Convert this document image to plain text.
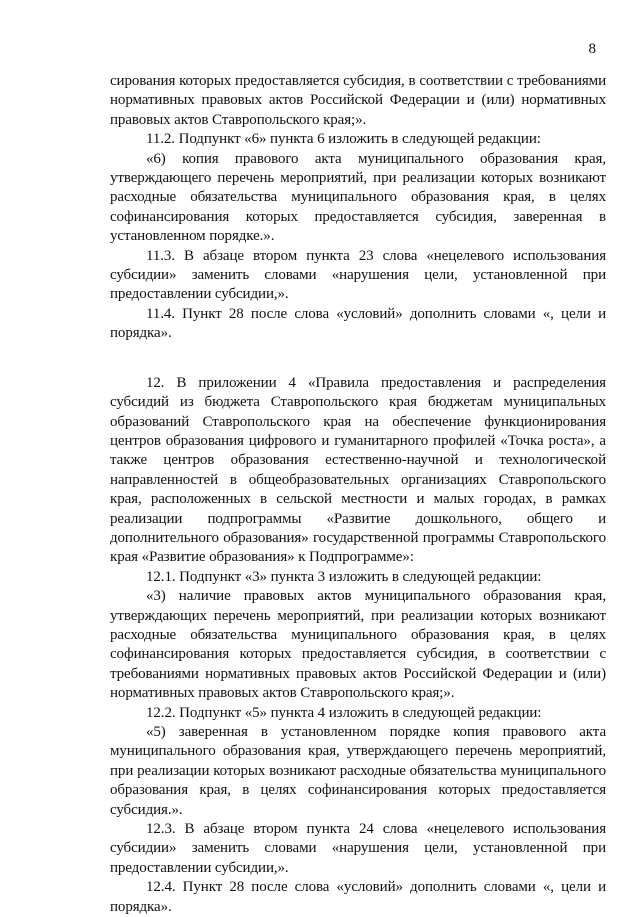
8

сирования которых предоставляется субсидия, в соответствии с требованиями нормативных правовых актов Российской Федерации и (или) нормативных правовых актов Ставропольского края;».

11.2. Подпункт «6» пункта 6 изложить в следующей редакции:

«6) копия правового акта муниципального образования края, утверждающего перечень мероприятий, при реализации которых возникают расходные обязательства муниципального образования края, в целях софинансирования которых предоставляется субсидия, заверенная в установленном порядке.».

11.3. В абзаце втором пункта 23 слова «нецелевого использования субсидии» заменить словами «нарушения цели, установленной при предоставлении субсидии,».

11.4. Пункт 28 после слова «условий» дополнить словами «, цели и порядка».

12. В приложении 4 «Правила предоставления и распределения субсидий из бюджета Ставропольского края бюджетам муниципальных образований Ставропольского края на обеспечение функционирования центров образования цифрового и гуманитарного профилей «Точка роста», а также центров образования естественно-научной и технологической направленностей в общеобразовательных организациях Ставропольского края, расположенных в сельской местности и малых городах, в рамках реализации подпрограммы «Развитие дошкольного, общего и дополнительного образования» государственной программы Ставропольского края «Развитие образования» к Подпрограмме»:

12.1. Подпункт «3» пункта 3 изложить в следующей редакции:

«3) наличие правовых актов муниципального образования края, утверждающих перечень мероприятий, при реализации которых возникают расходные обязательства муниципального образования края, в целях софинансирования которых предоставляется субсидия, в соответствии с требованиями нормативных правовых актов Российской Федерации и (или) нормативных правовых актов Ставропольского края;».

12.2. Подпункт «5» пункта 4 изложить в следующей редакции:

«5) заверенная в установленном порядке копия правового акта муниципального образования края, утверждающего перечень мероприятий, при реализации которых возникают расходные обязательства муниципального образования края, в целях софинансирования которых предоставляется субсидия.».

12.3. В абзаце втором пункта 24 слова «нецелевого использования субсидии» заменить словами «нарушения цели, установленной при предоставлении субсидии,».

12.4. Пункт 28 после слова «условий» дополнить словами «, цели и порядка».
